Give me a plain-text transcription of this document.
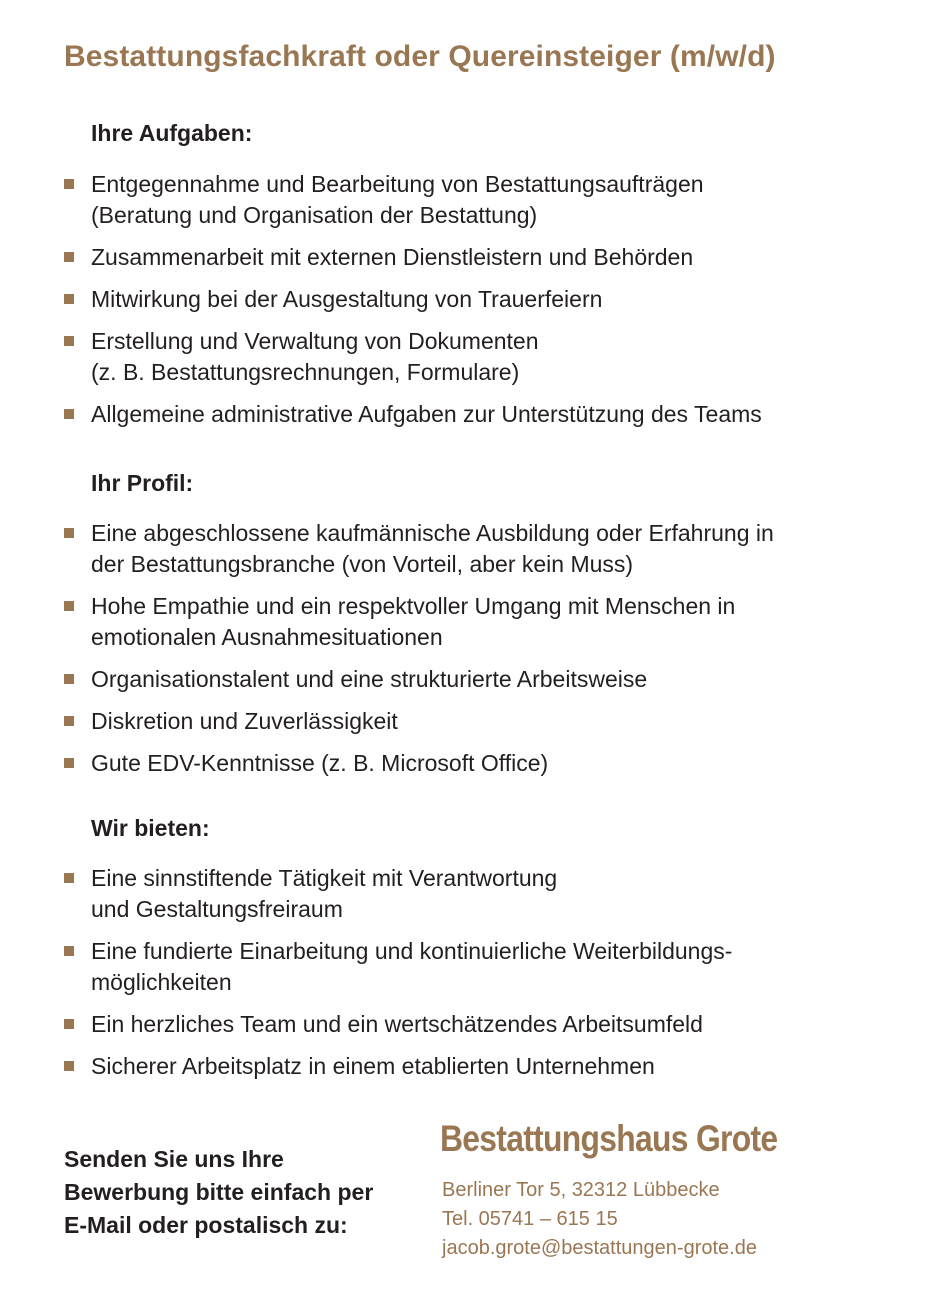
Bestattungsfachkraft oder Quereinsteiger (m/w/d)
Ihre Aufgaben:
Entgegennahme und Bearbeitung von Bestattungsaufträgen
(Beratung und Organisation der Bestattung)
Zusammenarbeit mit externen Dienstleistern und Behörden
Mitwirkung bei der Ausgestaltung von Trauerfeiern
Erstellung und Verwaltung von Dokumenten
(z. B. Bestattungsrechnungen, Formulare)
Allgemeine administrative Aufgaben zur Unterstützung des Teams
Ihr Profil:
Eine abgeschlossene kaufmännische Ausbildung oder Erfahrung in
der Bestattungsbranche (von Vorteil, aber kein Muss)
Hohe Empathie und ein respektvoller Umgang mit Menschen in
emotionalen Ausnahmesituationen
Organisationstalent und eine strukturierte Arbeitsweise
Diskretion und Zuverlässigkeit
Gute EDV-Kenntnisse (z. B. Microsoft Office)
Wir bieten:
Eine sinnstiftende Tätigkeit mit Verantwortung
und Gestaltungsfreiraum
Eine fundierte Einarbeitung und kontinuierliche Weiterbildungs-
möglichkeiten
Ein herzliches Team und ein wertschätzendes Arbeitsumfeld
Sicherer Arbeitsplatz in einem etablierten Unternehmen
Senden Sie uns Ihre
Bewerbung bitte einfach per
E-Mail oder postalisch zu:
Bestattungshaus Grote
Berliner Tor 5, 32312 Lübbecke
Tel. 05741 – 615 15
jacob.grote@bestattungen-grote.de
